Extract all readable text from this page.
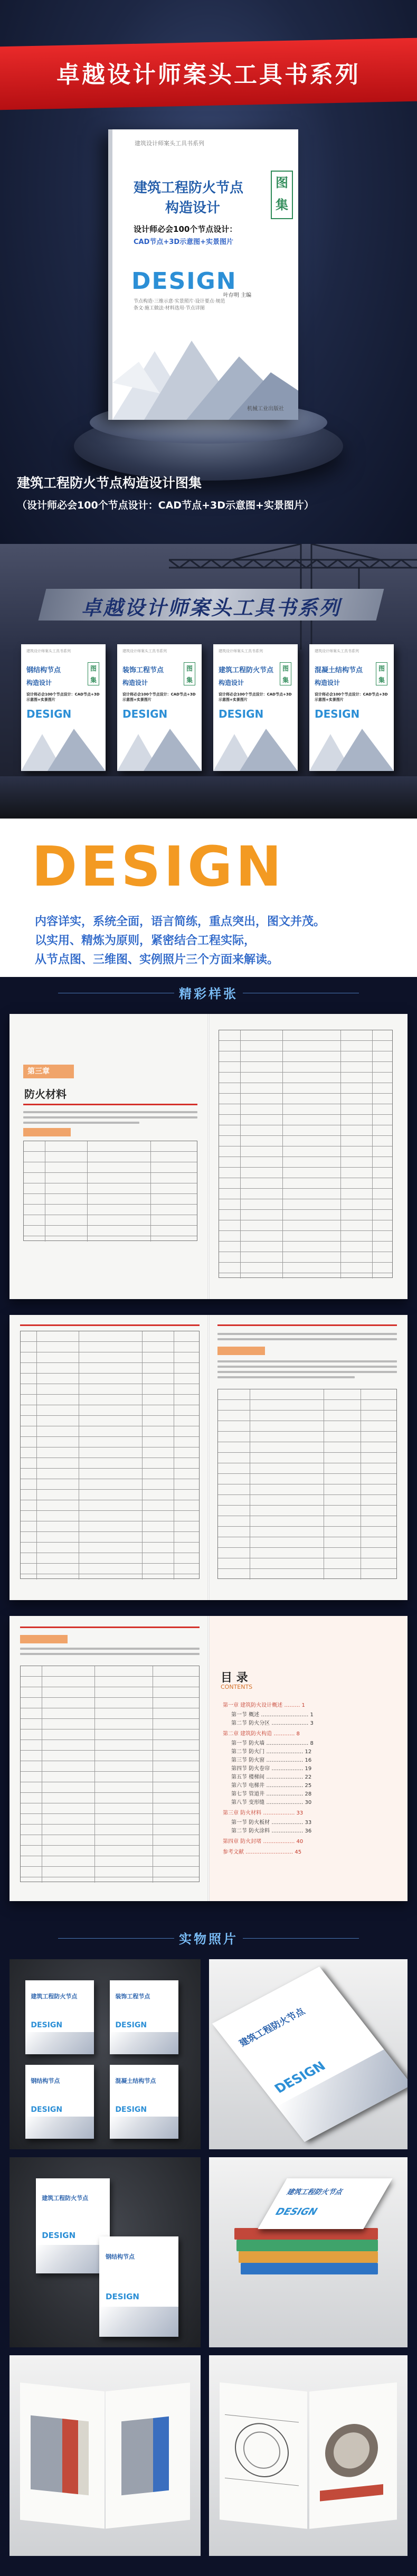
卓越设计师案头工具书系列
建筑设计师案头工具书系列
建筑工程防火节点
构造设计
图集
设计师必会100个节点设计：
CAD节点+3D示意图+实景图片
DESIGN
节点构造·三维示意·实景照片·设计要点·规范条文·施工做法·材料选用·节点详图
叶存明 主编
机械工业出版社
建筑工程防火节点构造设计图集
（设计师必会100个节点设计：CAD节点+3D示意图+实景图片）
卓越设计师案头工具书系列
建筑设计师案头工具书系列
钢结构节点
构造设计
图集
设计师必会100个节点设计：CAD节点+3D示意图+实景图片
DESIGN
建筑设计师案头工具书系列
装饰工程节点
构造设计
图集
设计师必会100个节点设计：CAD节点+3D示意图+实景图片
DESIGN
建筑设计师案头工具书系列
建筑工程防火节点
构造设计
图集
设计师必会100个节点设计：CAD节点+3D示意图+实景图片
DESIGN
建筑设计师案头工具书系列
混凝土结构节点
构造设计
图集
设计师必会100个节点设计：CAD节点+3D示意图+实景图片
DESIGN
DESIGN
内容详实，系统全面，语言简练，重点突出，图文并茂。
以实用、精炼为原则，紧密结合工程实际，
从节点图、三维图、实例照片三个方面来解读。
精彩样张
第三章
防火材料
目 录
CONTENTS
第一章 建筑防火设计概述 ……… 1
第一节 概述 ……………………… 1
第二节 防火分区 ………………… 3
第二章 建筑防火构造 ………… 8
第一节 防火墙 …………………… 8
第二节 防火门 ………………… 12
第三节 防火窗 ………………… 16
第四节 防火卷帘 ……………… 19
第五节 楼梯间 ………………… 22
第六节 电梯井 ………………… 25
第七节 管道井 ………………… 28
第八节 变形缝 ………………… 30
第三章 防火材料 ……………… 33
第一节 防火板材 ……………… 33
第二节 防火涂料 ……………… 36
第四章 防火封堵 ……………… 40
参考文献 ……………………… 45
实物照片
建筑工程防火节点
DESIGN
装饰工程节点
DESIGN
钢结构节点
DESIGN
混凝土结构节点
DESIGN
建筑工程防火节点
DESIGN
建筑工程防火节点
DESIGN
钢结构节点
DESIGN
建筑工程防火节点
DESIGN
